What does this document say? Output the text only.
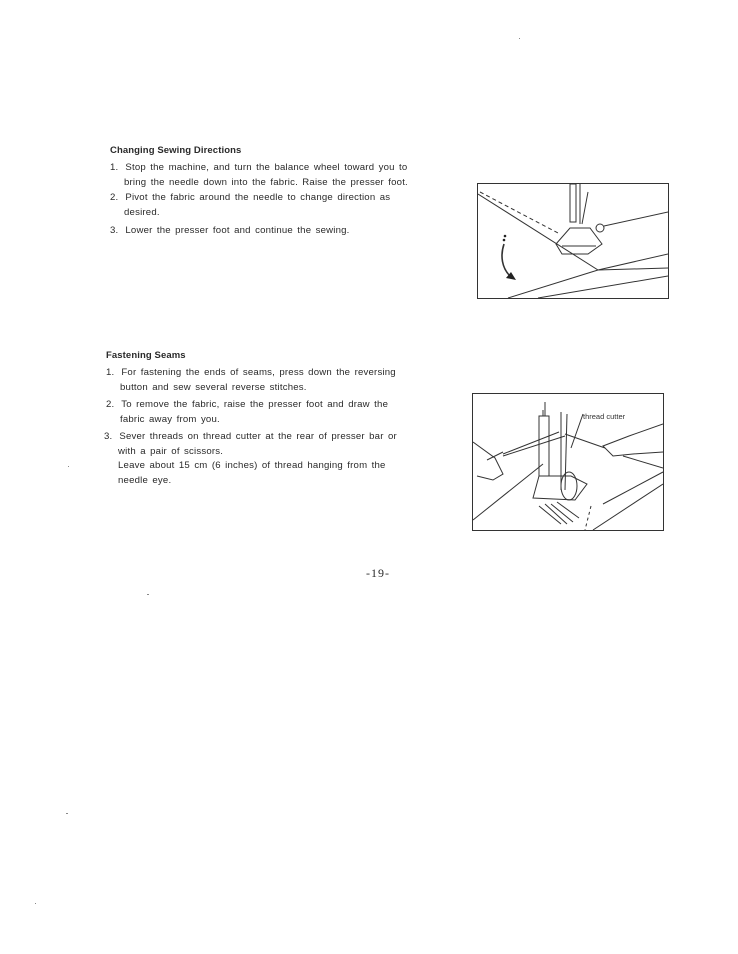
Changing Sewing Directions
1. Stop the machine, and turn the balance wheel toward you to
bring the needle down into the fabric. Raise the presser foot.
2. Pivot the fabric around the needle to change direction as
desired.
3. Lower the presser foot and continue the sewing.
Fastening Seams
1. For fastening the ends of seams, press down the reversing
button and sew several reverse stitches.
2. To remove the fabric, raise the presser foot and draw the
fabric away from you.
3. Sever threads on thread cutter at the rear of presser bar or
with a pair of scissors.
Leave about 15 cm (6 inches) of thread hanging from the
needle eye.
thread cutter
-19-
